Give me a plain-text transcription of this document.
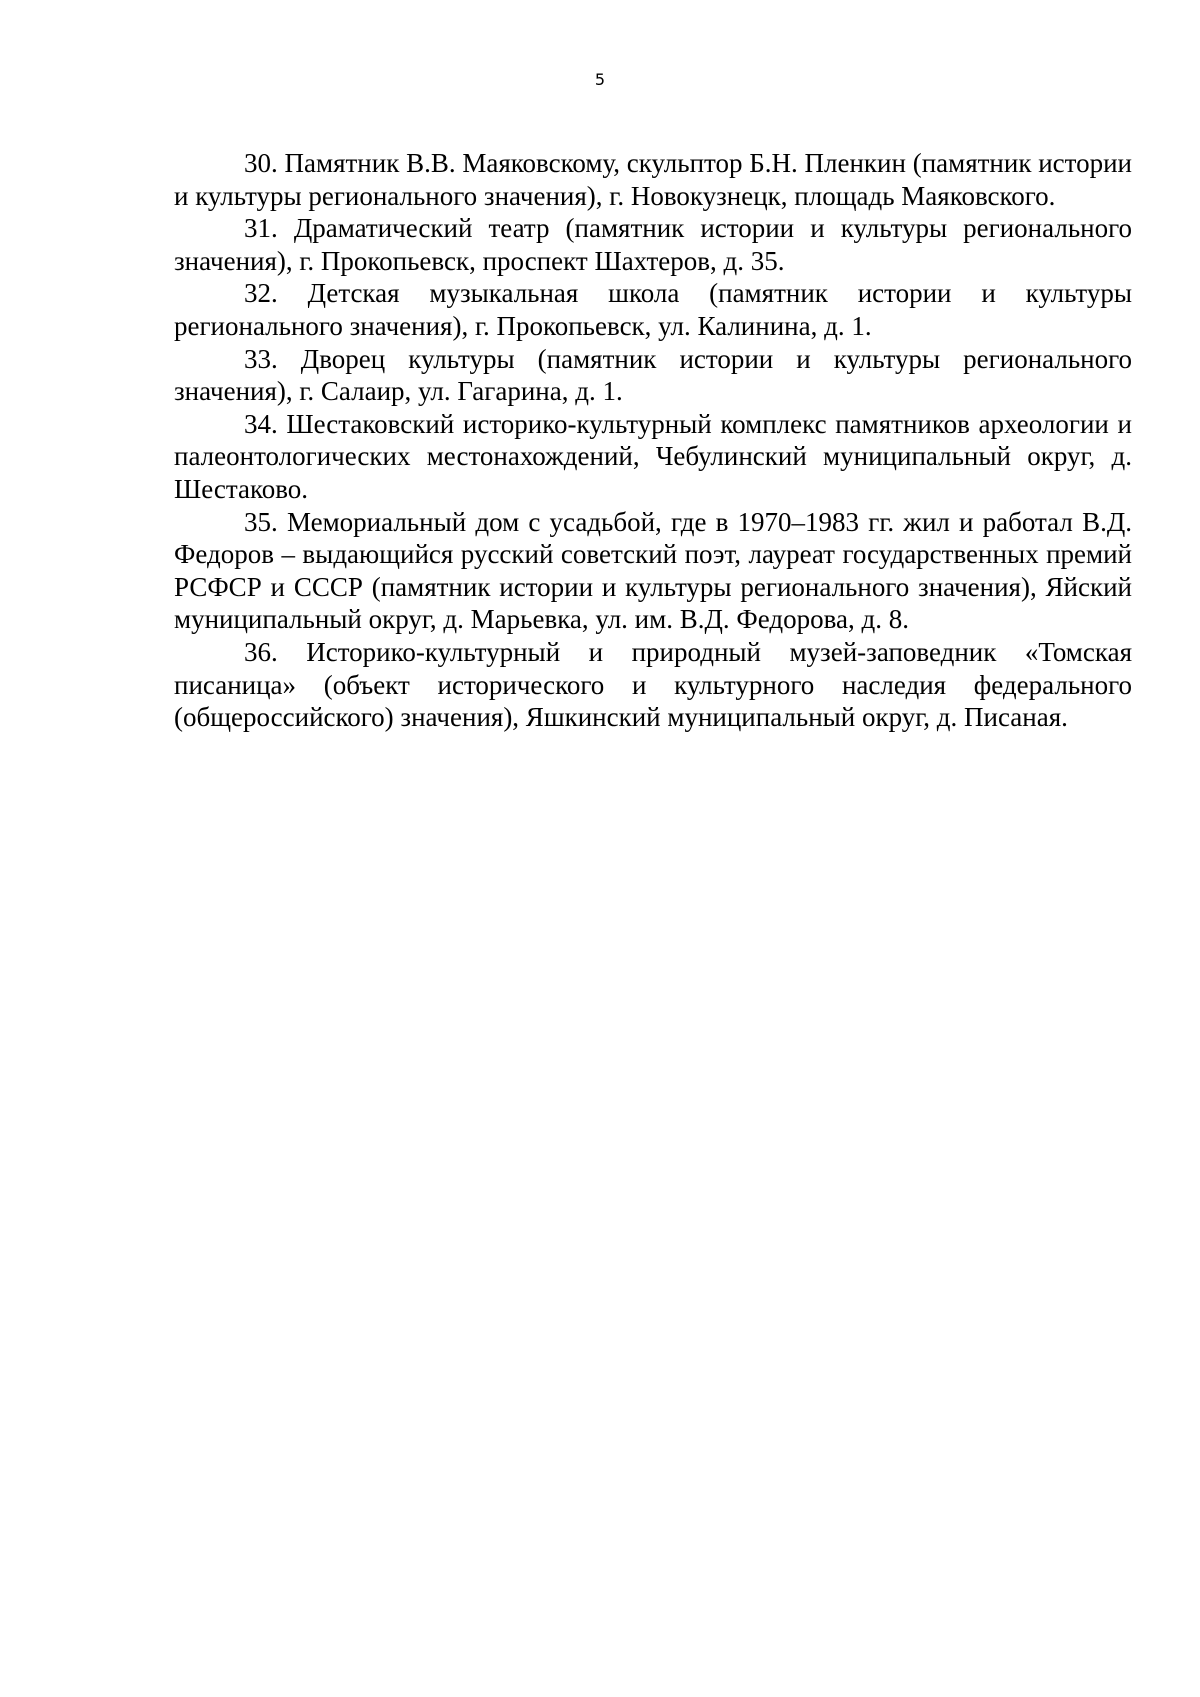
5

30. Памятник В.В. Маяковскому, скульптор Б.Н. Пленкин (памятник истории и культуры регионального значения), г. Новокузнецк, площадь Маяковского.

31. Драматический театр (памятник истории и культуры регионального значения), г. Прокопьевск, проспект Шахтеров, д. 35.

32. Детская музыкальная школа (памятник истории и культуры регионального значения), г. Прокопьевск, ул. Калинина, д. 1.

33. Дворец культуры (памятник истории и культуры регионального значения), г. Салаир, ул. Гагарина, д. 1.

34. Шестаковский историко-культурный комплекс памятников археологии и палеонтологических местонахождений, Чебулинский муниципальный округ, д. Шестаково.

35. Мемориальный дом с усадьбой, где в 1970–1983 гг. жил и работал В.Д. Федоров – выдающийся русский советский поэт, лауреат государственных премий РСФСР и СССР (памятник истории и культуры регионального значения), Яйский муниципальный округ, д. Марьевка, ул. им. В.Д. Федорова, д. 8.

36. Историко-культурный и природный музей-заповедник «Томская писаница» (объект исторического и культурного наследия федерального (общероссийского) значения), Яшкинский муниципальный округ, д. Писаная.
